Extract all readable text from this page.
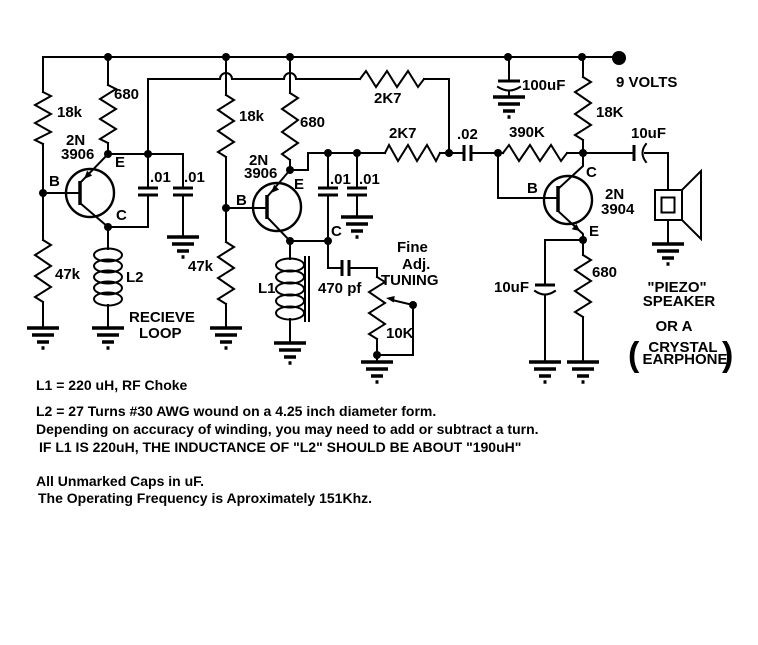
9 VOLTS
18k
680
47k
2N
3906
B
E
C
.01 .01
L2
RECIEVE
LOOP
2K7
18k 680
47k
2N
3906
B
E
C
.01 .01
L1	470 pf
10K
Fine
Adj.
TUNING
2K7	.02
100uF
390K
18K
2N
3904
B
C
E
10uF
10uF
680
"PIEZO"
SPEAKER
OR A
CRYSTAL
EARPHONE
( )
L1 = 220 uH, RF Choke
L2 = 27 Turns #30 AWG wound on a 4.25 inch diameter form.
Depending on accuracy of winding, you may need to add or subtract a turn.
IF L1 IS 220uH, THE INDUCTANCE OF "L2" SHOULD BE ABOUT "190uH"
All Unmarked Caps in uF.
The Operating Frequency is Aproximately 151Khz.
